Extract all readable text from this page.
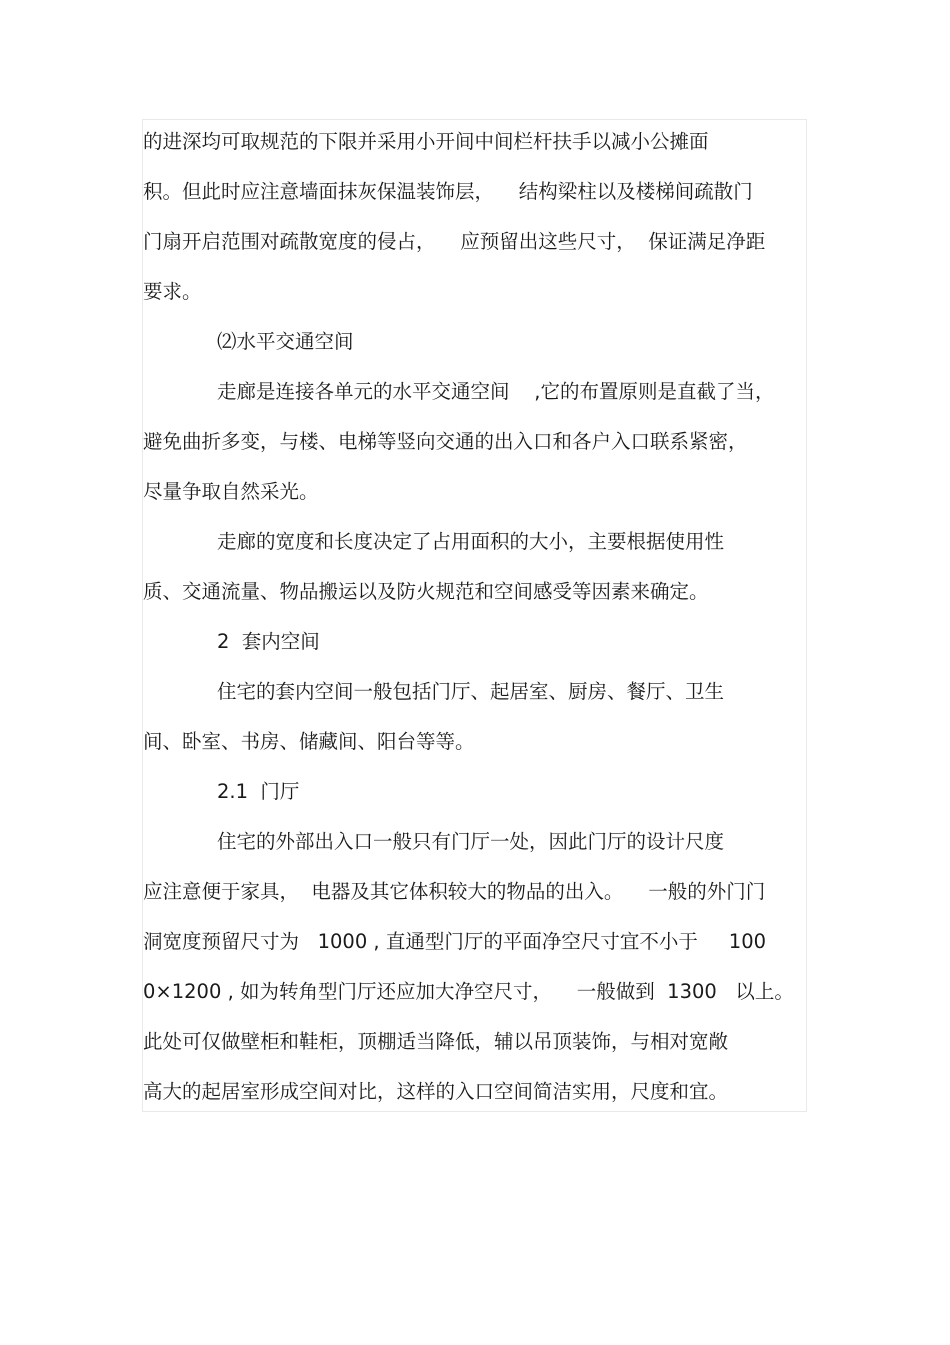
的进深均可取规范的下限并采用小开间中间栏杆扶手以减小公摊面
积。但此时应注意墙面抹灰保温装饰层，    结构梁柱以及楼梯间疏散门
门扇开启范围对疏散宽度的侵占，    应预留出这些尺寸，  保证满足净距
要求。
⑵水平交通空间
走廊是连接各单元的水平交通空间    ,它的布置原则是直截了当，
避免曲折多变，与楼、电梯等竖向交通的出入口和各户入口联系紧密，
尽量争取自然采光。
走廊的宽度和长度决定了占用面积的大小，主要根据使用性
质、交通流量、物品搬运以及防火规范和空间感受等因素来确定。
2  套内空间
住宅的套内空间一般包括门厅、起居室、厨房、餐厅、卫生
间、卧室、书房、储藏间、阳台等等。
2.1  门厅
住宅的外部出入口一般只有门厅一处，因此门厅的设计尺度
应注意便于家具，  电器及其它体积较大的物品的出入。    一般的外门门
洞宽度预留尺寸为   1000 , 直通型门厅的平面净空尺寸宜不小于     100
0×1200 , 如为转角型门厅还应加大净空尺寸，    一般做到  1300   以上。
此处可仅做壁柜和鞋柜，顶棚适当降低，辅以吊顶装饰，与相对宽敞
高大的起居室形成空间对比，这样的入口空间简洁实用，尺度和宜。
